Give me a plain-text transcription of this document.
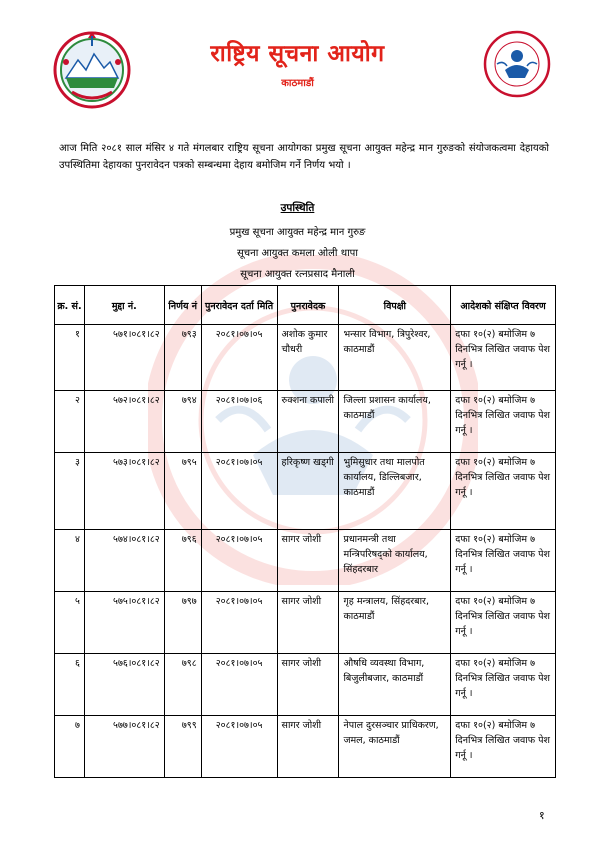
राष्ट्रिय सूचना आयोग
काठमाडौं
आज मिति २०८१ साल मंसिर ४ गते मंगलबार राष्ट्रिय सूचना आयोगका प्रमुख सूचना आयुक्त महेन्द्र मान गुरुङको संयोजकत्वमा देहायको उपस्थितिमा देहायका पुनरावेदन पत्रको सम्बन्धमा देहाय बमोजिम गर्ने निर्णय भयो ।
उपस्थिति
प्रमुख सूचना आयुक्त महेन्द्र मान गुरुङ
सूचना आयुक्त कमला ओली थापा
सूचना आयुक्त रत्नप्रसाद मैनाली
क्र. सं.	मुद्दा नं.	निर्णय नं	पुनरावेदन दर्ता मिति	पुनरावेदक	विपक्षी	आदेशको संक्षिप्त विवरण
१	५७१।०८१।८२	७९३	२०८१।०७।०५	अशोक कुमार चौधरी	भन्सार विभाग, त्रिपुरेश्वर, काठमाडौं	दफा १०(२) बमोजिम ७ दिनभित्र लिखित जवाफ पेश गर्नू ।
२	५७२।०८१।८२	७९४	२०८१।०७।०६	रुक्शना कपाली	जिल्ला प्रशासन कार्यालय, काठमाडौं	दफा १०(२) बमोजिम ७ दिनभित्र लिखित जवाफ पेश गर्नू ।
३	५७३।०८१।८२	७९५	२०८१।०७।०५	हरिकृष्ण खड्गी	भुमिसुधार तथा मालपोत कार्यालय, डिल्लिबजार, काठमाडौं	दफा १०(२) बमोजिम ७ दिनभित्र लिखित जवाफ पेश गर्नू ।
४	५७४।०८१।८२	७९६	२०८१।०७।०५	सागर जोशी	प्रधानमन्त्री तथा मन्त्रिपरिषद्को कार्यालय, सिंहदरबार	दफा १०(२) बमोजिम ७ दिनभित्र लिखित जवाफ पेश गर्नू ।
५	५७५।०८१।८२	७९७	२०८१।०७।०५	सागर जोशी	गृह मन्त्रालय, सिंहदरबार, काठमाडौं	दफा १०(२) बमोजिम ७ दिनभित्र लिखित जवाफ पेश गर्नू ।
६	५७६।०८१।८२	७९८	२०८१।०७।०५	सागर जोशी	औषधि व्यवस्था विभाग, बिजुलीबजार, काठमाडौं	दफा १०(२) बमोजिम ७ दिनभित्र लिखित जवाफ पेश गर्नू ।
७	५७७।०८१।८२	७९९	२०८१।०७।०५	सागर जोशी	नेपाल दुरसञ्चार प्राधिकरण, जमल, काठमाडौं	दफा १०(२) बमोजिम ७ दिनभित्र लिखित जवाफ पेश गर्नू ।
१
